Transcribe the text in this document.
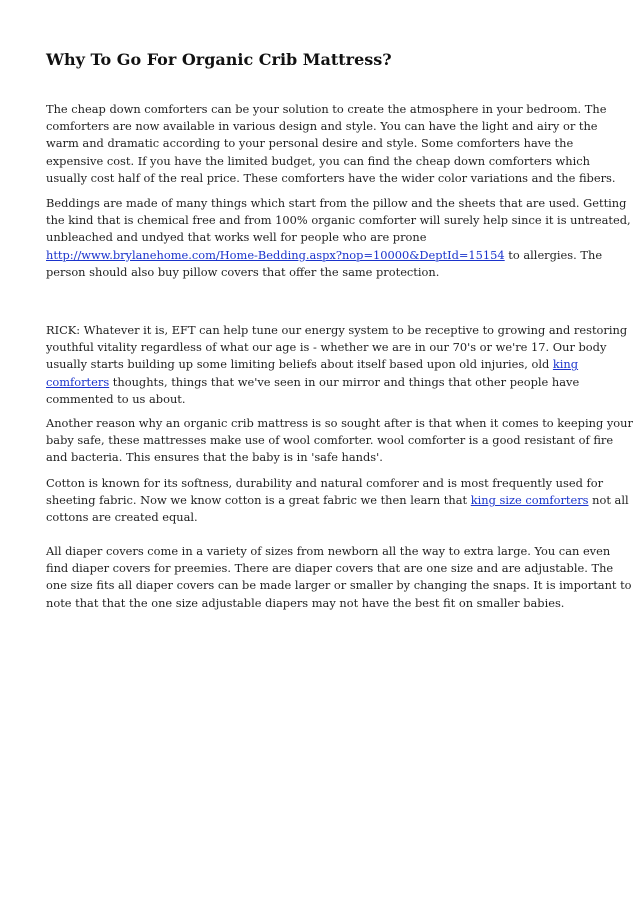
Why To Go For Organic Crib Mattress?

The cheap down comforters can be your solution to create the atmosphere in your bedroom. The
comforters are now available in various design and style. You can have the light and airy or the
warm and dramatic according to your personal desire and style. Some comforters have the
expensive cost. If you have the limited budget, you can find the cheap down comforters which
usually cost half of the real price. These comforters have the wider color variations and the fibers.

Beddings are made of many things which start from the pillow and the sheets that are used. Getting
the kind that is chemical free and from 100% organic comforter will surely help since it is untreated,
unbleached and undyed that works well for people who are prone
http://www.brylanehome.com/Home-Bedding.aspx?nop=10000&DeptId=15154 to allergies. The
person should also buy pillow covers that offer the same protection.

RICK: Whatever it is, EFT can help tune our energy system to be receptive to growing and restoring
youthful vitality regardless of what our age is - whether we are in our 70's or we're 17. Our body
usually starts building up some limiting beliefs about itself based upon old injuries, old king
comforters thoughts, things that we've seen in our mirror and things that other people have
commented to us about.

Another reason why an organic crib mattress is so sought after is that when it comes to keeping your
baby safe, these mattresses make use of wool comforter. wool comforter is a good resistant of fire
and bacteria. This ensures that the baby is in 'safe hands'.

Cotton is known for its softness, durability and natural comforer and is most frequently used for
sheeting fabric. Now we know cotton is a great fabric we then learn that king size comforters not all
cottons are created equal.

All diaper covers come in a variety of sizes from newborn all the way to extra large. You can even
find diaper covers for preemies. There are diaper covers that are one size and are adjustable. The
one size fits all diaper covers can be made larger or smaller by changing the snaps. It is important to
note that that the one size adjustable diapers may not have the best fit on smaller babies.
